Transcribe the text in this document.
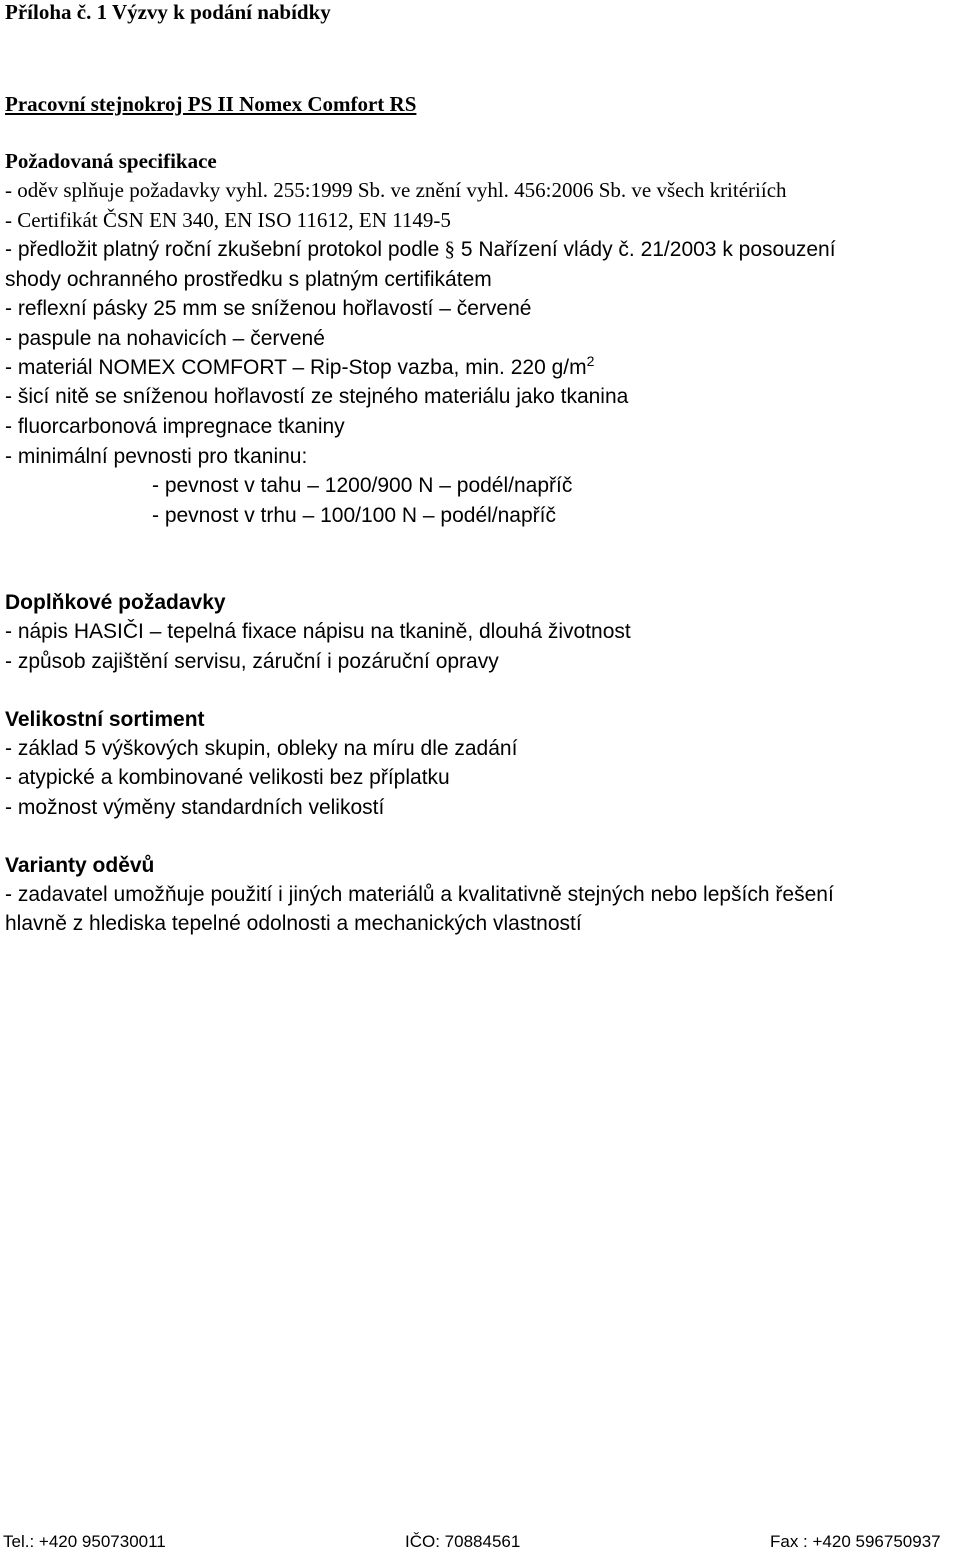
Příloha č. 1 Výzvy k podání nabídky
Pracovní stejnokroj PS II Nomex Comfort RS
Požadovaná specifikace
- oděv splňuje požadavky vyhl. 255:1999 Sb. ve znění vyhl. 456:2006 Sb. ve všech kritériích
- Certifikát ČSN EN 340, EN ISO 11612, EN 1149-5
- předložit platný roční zkušební protokol podle § 5 Nařízení vlády č. 21/2003 k posouzení
shody ochranného prostředku s platným certifikátem
- reflexní pásky 25 mm se sníženou hořlavostí – červené
- paspule na nohavicích – červené
- materiál NOMEX COMFORT – Rip-Stop vazba, min. 220 $g/m^2$
- šicí nitě se sníženou hořlavostí ze stejného materiálu jako tkanina
- fluorcarbonová impregnace tkaniny
- minimální pevnosti pro tkaninu:
- pevnost v tahu – 1200/900 N – podél/napříč
- pevnost v trhu – 100/100 N – podél/napříč
Doplňkové požadavky
- nápis HASIČI – tepelná fixace nápisu na tkanině, dlouhá životnost
- způsob zajištění servisu, záruční i pozáruční opravy
Velikostní sortiment
- základ 5 výškových skupin, obleky na míru dle zadání
- atypické a kombinované velikosti bez příplatku
- možnost výměny standardních velikostí
Varianty oděvů
- zadavatel umožňuje použití i jiných materiálů a kvalitativně stejných nebo lepších řešení
hlavně z hlediska tepelné odolnosti a mechanických vlastností
Tel.: +420 950730011	IČO: 70884561	Fax : +420 596750937
